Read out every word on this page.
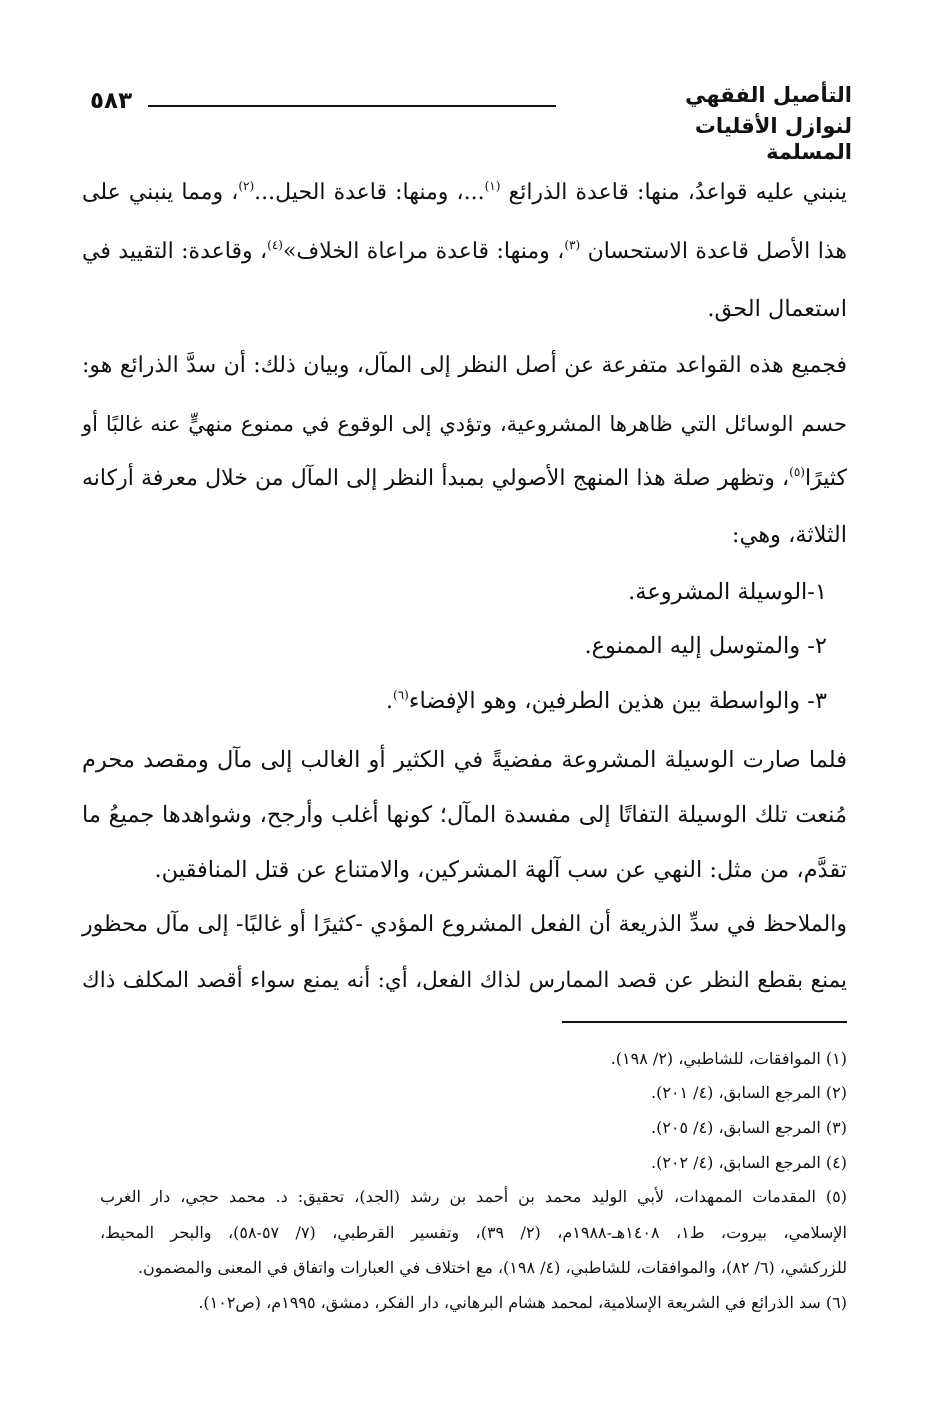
التأصيل الفقهي
لنوازل الأقليات المسلمة
٥٨٣
ينبني عليه قواعدُ، منها: قاعدة الذرائع $^{(١)}$...، ومنها: قاعدة الحيل...$^{(٢)}$، ومما ينبني على
هذا الأصل قاعدة الاستحسان $^{(٣)}$، ومنها: قاعدة مراعاة الخلاف»$^{(٤)}$، وقاعدة: التقييد في
استعمال الحق.
فجميع هذه القواعد متفرعة عن أصل النظر إلى المآل، وبيان ذلك: أن سدَّ الذرائع هو:
حسم الوسائل التي ظاهرها المشروعية، وتؤدي إلى الوقوع في ممنوع منهيٍّ عنه غالبًا أو
كثيرًا$^{(٥)}$، وتظهر صلة هذا المنهج الأصولي بمبدأ النظر إلى المآل من خلال معرفة أركانه
الثلاثة، وهي:
١-الوسيلة المشروعة.
٢- والمتوسل إليه الممنوع.
٣- والواسطة بين هذين الطرفين، وهو الإفضاء$^{(٦)}$.
فلما صارت الوسيلة المشروعة مفضيةً في الكثير أو الغالب إلى مآل ومقصد محرم
مُنعت تلك الوسيلة التفاتًا إلى مفسدة المآل؛ كونها أغلب وأرجح، وشواهدها جميعُ ما
تقدَّم، من مثل: النهي عن سب آلهة المشركين، والامتناع عن قتل المنافقين.
والملاحظ في سدِّ الذريعة أن الفعل المشروع المؤدي -كثيرًا أو غالبًا- إلى مآل محظور
يمنع بقطع النظر عن قصد الممارس لذاك الفعل، أي: أنه يمنع سواء أقصد المكلف ذاك
(١) الموافقات، للشاطبي، (٢/ ١٩٨).
(٢) المرجع السابق، (٤/ ٢٠١).
(٣) المرجع السابق، (٤/ ٢٠٥).
(٤) المرجع السابق، (٤/ ٢٠٢).
(٥) المقدمات الممهدات، لأبي الوليد محمد بن أحمد بن رشد (الجد)، تحقيق: د. محمد حجي، دار الغرب
الإسلامي، بيروت، ط١، ١٤٠٨هـ-١٩٨٨م، (٢/ ٣٩)، وتفسير القرطبي، (٧/ ٥٧-٥٨)، والبحر المحيط،
للزركشي، (٦/ ٨٢)، والموافقات، للشاطبي، (٤/ ١٩٨)، مع اختلاف في العبارات واتفاق في المعنى والمضمون.
(٦) سد الذرائع في الشريعة الإسلامية، لمحمد هشام البرهاني، دار الفكر، دمشق، ١٩٩٥م، (ص١٠٢).
